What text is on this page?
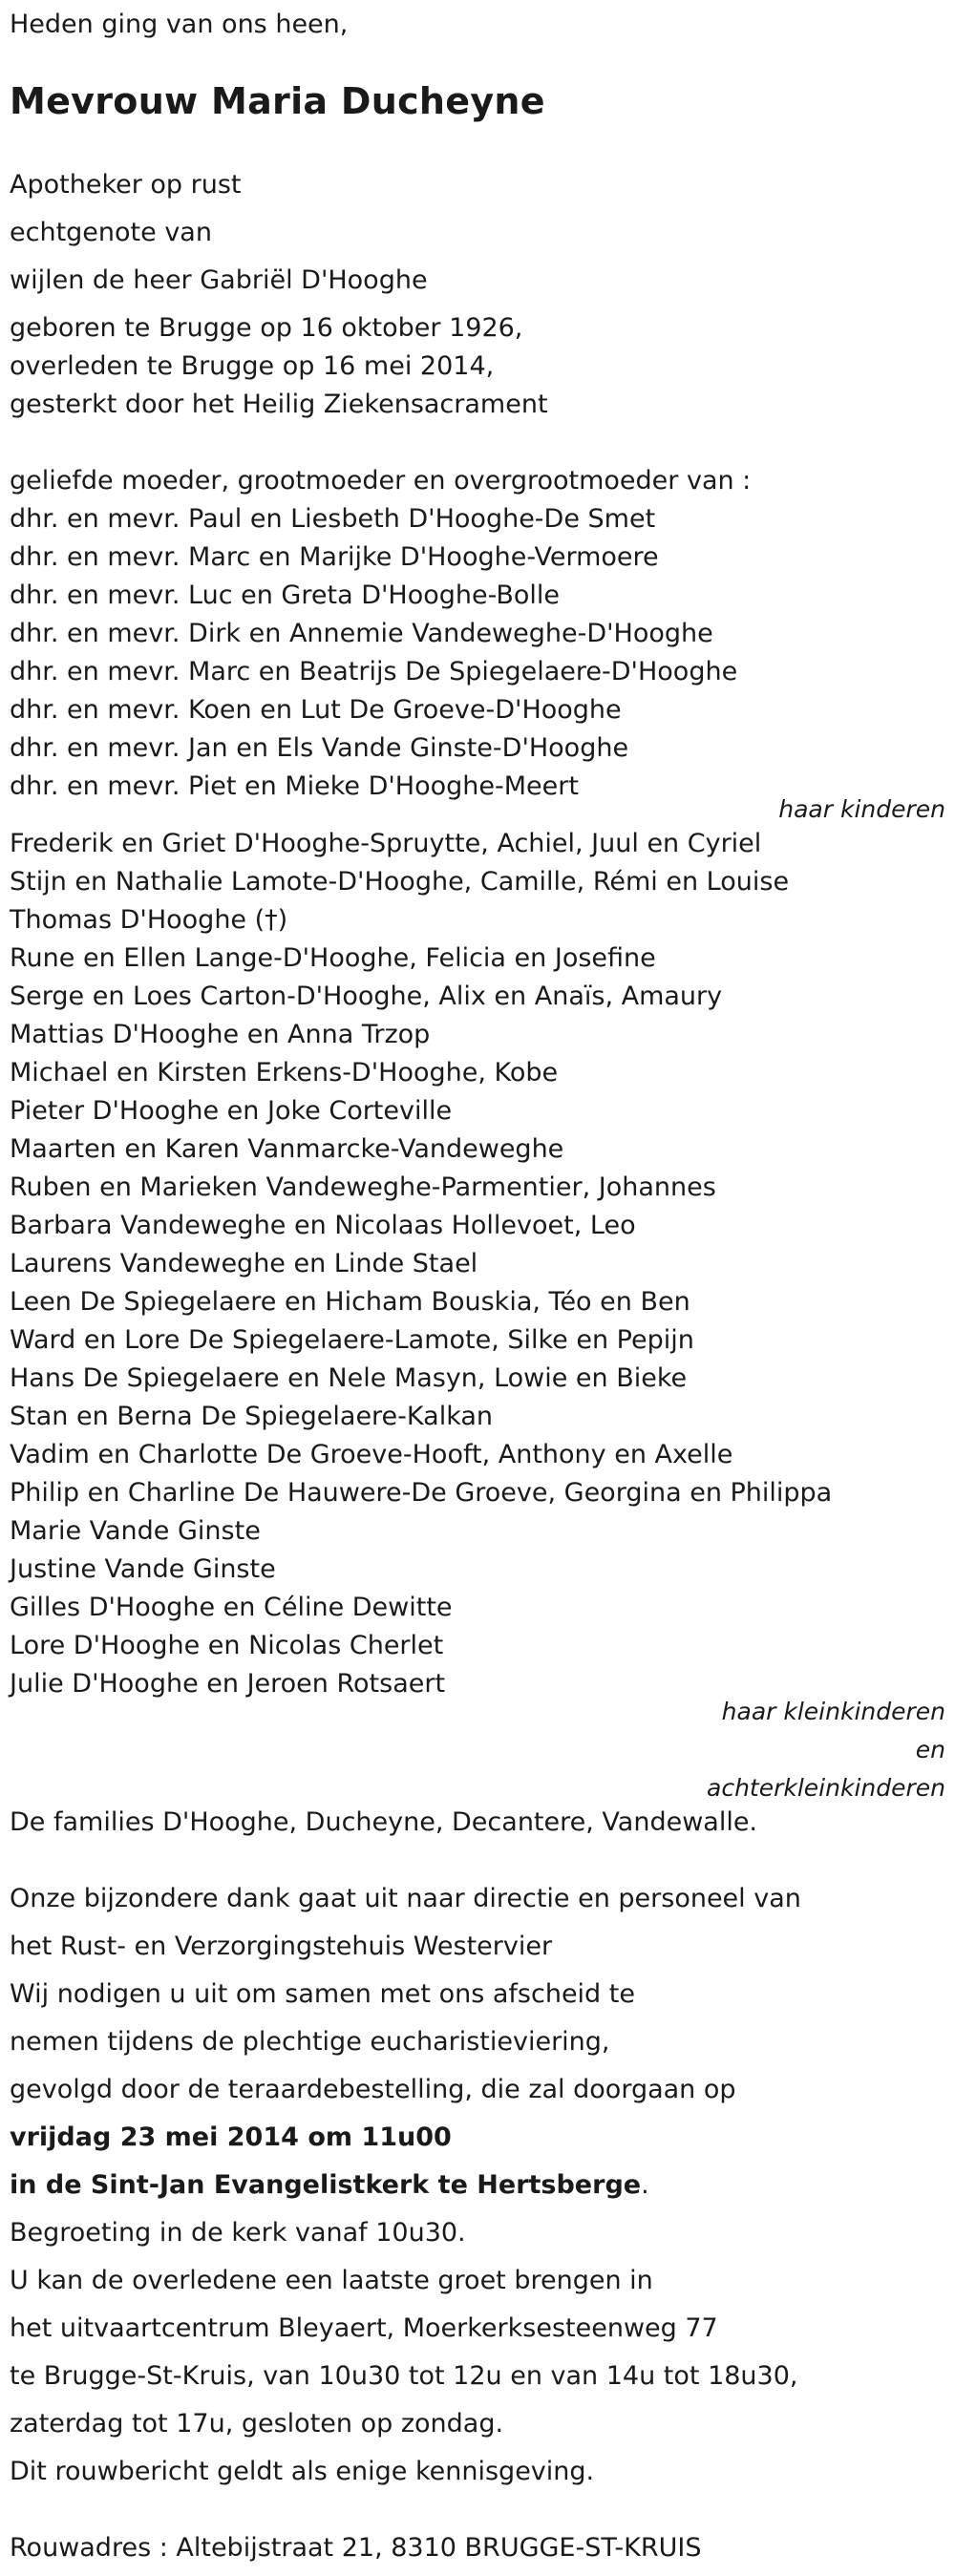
Heden ging van ons heen,
Mevrouw Maria Ducheyne
Apotheker op rust
echtgenote van
wijlen de heer Gabriël D'Hooghe
geboren te Brugge op 16 oktober 1926,
overleden te Brugge op 16 mei 2014,
gesterkt door het Heilig Ziekensacrament
geliefde moeder, grootmoeder en overgrootmoeder van :
dhr. en mevr. Paul en Liesbeth D'Hooghe-De Smet
dhr. en mevr. Marc en Marijke D'Hooghe-Vermoere
dhr. en mevr. Luc en Greta D'Hooghe-Bolle
dhr. en mevr. Dirk en Annemie Vandeweghe-D'Hooghe
dhr. en mevr. Marc en Beatrijs De Spiegelaere-D'Hooghe
dhr. en mevr. Koen en Lut De Groeve-D'Hooghe
dhr. en mevr. Jan en Els Vande Ginste-D'Hooghe
dhr. en mevr. Piet en Mieke D'Hooghe-Meert
haar kinderen
Frederik en Griet D'Hooghe-Spruytte, Achiel, Juul en Cyriel
Stijn en Nathalie Lamote-D'Hooghe, Camille, Rémi en Louise
Thomas D'Hooghe (†)
Rune en Ellen Lange-D'Hooghe, Felicia en Josefine
Serge en Loes Carton-D'Hooghe, Alix en Anaïs, Amaury
Mattias D'Hooghe en Anna Trzop
Michael en Kirsten Erkens-D'Hooghe, Kobe
Pieter D'Hooghe en Joke Corteville
Maarten en Karen Vanmarcke-Vandeweghe
Ruben en Marieken Vandeweghe-Parmentier, Johannes
Barbara Vandeweghe en Nicolaas Hollevoet, Leo
Laurens Vandeweghe en Linde Stael
Leen De Spiegelaere en Hicham Bouskia, Téo en Ben
Ward en Lore De Spiegelaere-Lamote, Silke en Pepijn
Hans De Spiegelaere en Nele Masyn, Lowie en Bieke
Stan en Berna De Spiegelaere-Kalkan
Vadim en Charlotte De Groeve-Hooft, Anthony en Axelle
Philip en Charline De Hauwere-De Groeve, Georgina en Philippa
Marie Vande Ginste
Justine Vande Ginste
Gilles D'Hooghe en Céline Dewitte
Lore D'Hooghe en Nicolas Cherlet
Julie D'Hooghe en Jeroen Rotsaert
haar kleinkinderen
en
achterkleinkinderen
De families D'Hooghe, Ducheyne, Decantere, Vandewalle.
Onze bijzondere dank gaat uit naar directie en personeel van
het Rust- en Verzorgingstehuis Westervier
Wij nodigen u uit om samen met ons afscheid te
nemen tijdens de plechtige eucharistieviering,
gevolgd door de teraardebestelling, die zal doorgaan op
vrijdag 23 mei 2014 om 11u00
in de Sint-Jan Evangelistkerk te Hertsberge.
Begroeting in de kerk vanaf 10u30.
U kan de overledene een laatste groet brengen in
het uitvaartcentrum Bleyaert, Moerkerksesteenweg 77
te Brugge-St-Kruis, van 10u30 tot 12u en van 14u tot 18u30,
zaterdag tot 17u, gesloten op zondag.
Dit rouwbericht geldt als enige kennisgeving.
Rouwadres : Altebijstraat 21, 8310 BRUGGE-ST-KRUIS
